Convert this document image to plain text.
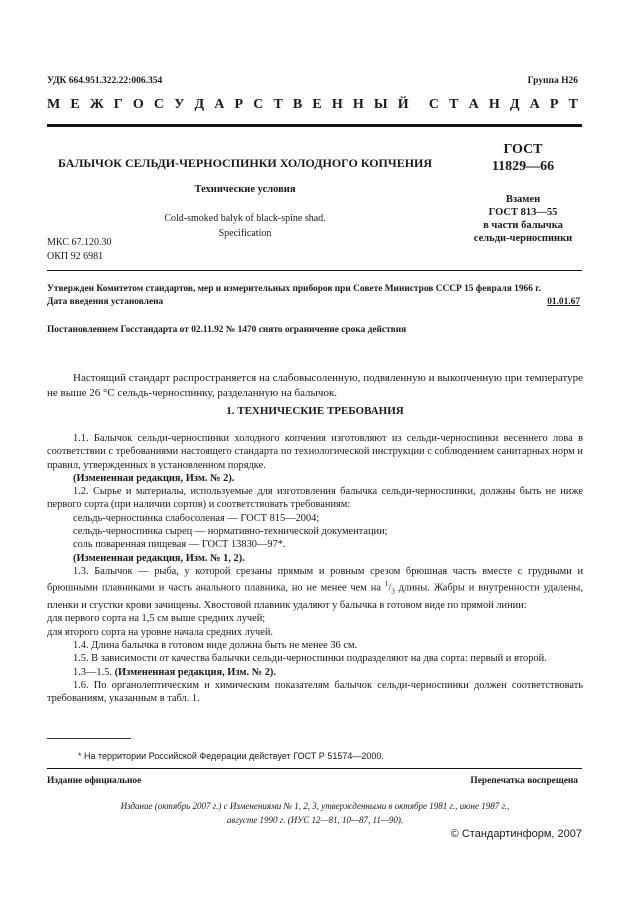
УДК 664.951.322.22:006.354	Группа Н26
М Е Ж Г О С У Д А Р С Т В Е Н Н Ы Й С Т А Н Д А Р Т
БАЛЫЧОК СЕЛЬДИ-ЧЕРНОСПИНКИ ХОЛОДНОГО КОПЧЕНИЯ
Технические условия
Cold-smoked balyk of black-spine shad.
Specification
МКС 67.120.30
ОКП 92 6981
ГОСТ
11829—66
Взамен
ГОСТ 813—55
в части балычка
сельди-черноспинки
Утвержден Комитетом стандартов, мер и измерительных приборов при Совете Министров СССР 15 февраля 1966 г.
Дата введения установлена	01.01.67
Постановлением Госстандарта от 02.11.92 № 1470 снято ограничение срока действия

Настоящий стандарт распространяется на слабовысоленную, подвяленную и выкопченную при температуре не выше 26 °С сельдь-черноспинку, разделанную на балычок.

1. ТЕХНИЧЕСКИЕ ТРЕБОВАНИЯ

1.1. Балычок сельди-черноспинки холодного копчения изготовляют из сельди-черноспинки весеннего лова в соответствии с требованиями настоящего стандарта по технологической инструкции с соблюдением санитарных норм и правил, утвержденных в установленном порядке.

(Измененная редакция, Изм. № 2).

1.2. Сырье и материалы, используемые для изготовления балычка сельди-черноспинки, должны быть не ниже первого сорта (при наличии сортов) и соответствовать требованиям:

сельдь-черноспинка слабосоленая — ГОСТ 815—2004;

сельдь-черноспинка сырец — нормативно-технической документации;

соль поваренная пищевая — ГОСТ 13830—97*.

(Измененная редакция, Изм. № 1, 2).

1.3. Балычок — рыба, у которой срезаны прямым и ровным срезом брюшная часть вместе с грудными и брюшными плавниками и часть анального плавника, но не менее чем на $^1/_3$ длины. Жабры и внутренности удалены, пленки и сгустки крови зачищены. Хвостовой плавник удаляют у балычка в готовом виде по прямой линии:

для первого сорта на 1,5 см выше средних лучей;

для второго сорта на уровне начала средних лучей.

1.4. Длина балычка в готовом виде должна быть не менее 36 см.

1.5. В зависимости от качества балычки сельди-черноспинки подразделяют на два сорта: первый и второй.

1.3—1.5. (Измененная редакция, Изм. № 2).

1.6. По органолептическим и химическим показателям балычок сельди-черноспинки должен соответствовать требованиям, указанным в табл. 1.

* На территории Российской Федерации действует ГОСТ Р 51574—2000.
Издание официальное	Перепечатка воспрещена
Издание (октябрь 2007 г.) с Изменениями № 1, 2, 3, утвержденными в октябре 1981 г., июне 1987 г.,
августе 1990 г. (ИУС 12—81, 10—87, 11—90).
© Стандартинформ, 2007
